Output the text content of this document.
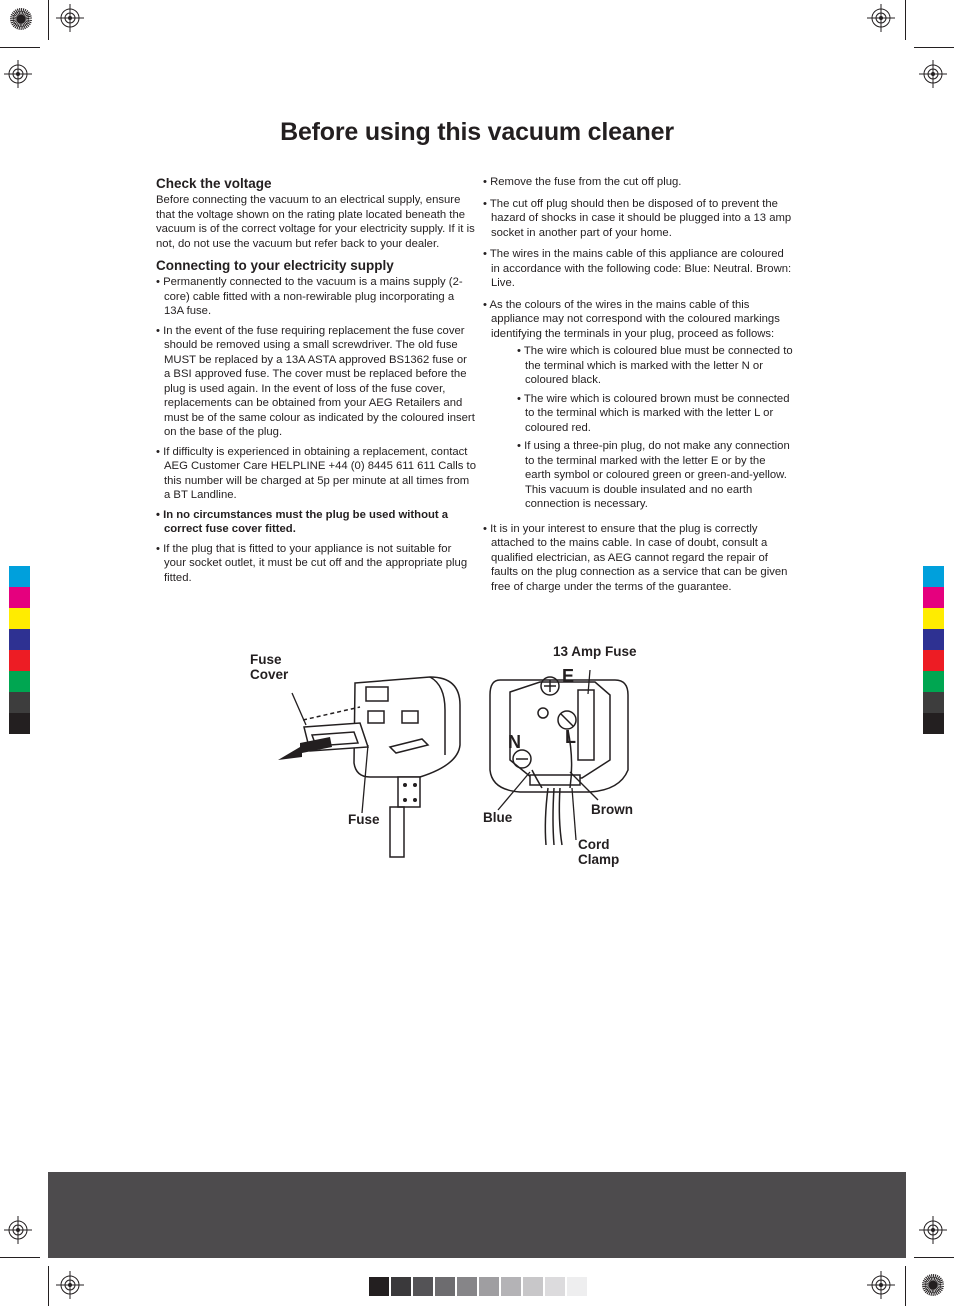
Before using this vacuum cleaner
Check the voltage
Before connecting the vacuum to an electrical supply, ensure that the voltage shown on the rating plate located beneath the vacuum is of the correct voltage for your electricity supply. If it is not, do not use the vacuum but refer back to your dealer.
Connecting to your electricity supply
• Permanently connected to the vacuum is a mains supply (2-core) cable fitted with a non-rewirable plug incorporating a 13A fuse.
• In the event of the fuse requiring replacement the fuse cover should be removed using a small screwdriver. The old fuse MUST be replaced by a 13A ASTA approved BS1362 fuse or a BSI approved fuse. The cover must be replaced before the plug is used again. In the event of loss of the fuse cover, replacements can be obtained from your AEG Retailers and must be of the same colour as indicated by the coloured insert on the base of the plug.
• If difficulty is experienced in obtaining a replacement, contact AEG Customer Care HELPLINE +44 (0) 8445 611 611 Calls to this number will be charged at 5p per minute at all times from a BT Landline.
• In no circumstances must the plug be used without a correct fuse cover fitted.
• If the plug that is fitted to your appliance is not suitable for your socket outlet, it must be cut off and the appropriate plug fitted.
• Remove the fuse from the cut off plug.
• The cut off plug should then be disposed of to prevent the hazard of shocks in case it should be plugged into a 13 amp socket in another part of your home.
• The wires in the mains cable of this appliance are coloured in accordance with the following code: Blue: Neutral. Brown: Live.
• As the colours of the wires in the mains cable of this appliance may not correspond with the coloured markings identifying the terminals in your plug, proceed as follows:
• The wire which is coloured blue must be connected to the terminal which is marked with the letter N or coloured black.
• The wire which is coloured brown must be connected to the terminal which is marked with the letter L or coloured red.
• If using a three-pin plug, do not make any connection to the terminal marked with the letter E or by the earth symbol or coloured green or green-and-yellow. This vacuum is double insulated and no earth connection is necessary.
• It is in your interest to ensure that the plug is correctly attached to the mains cable. In case of doubt, consult a qualified electrician, as AEG cannot regard the repair of faults on the plug connection as a service that can be given free of charge under the terms of the guarantee.
Fuse Cover
Fuse
E
N L
13 Amp Fuse
Blue
Brown
Cord Clamp
